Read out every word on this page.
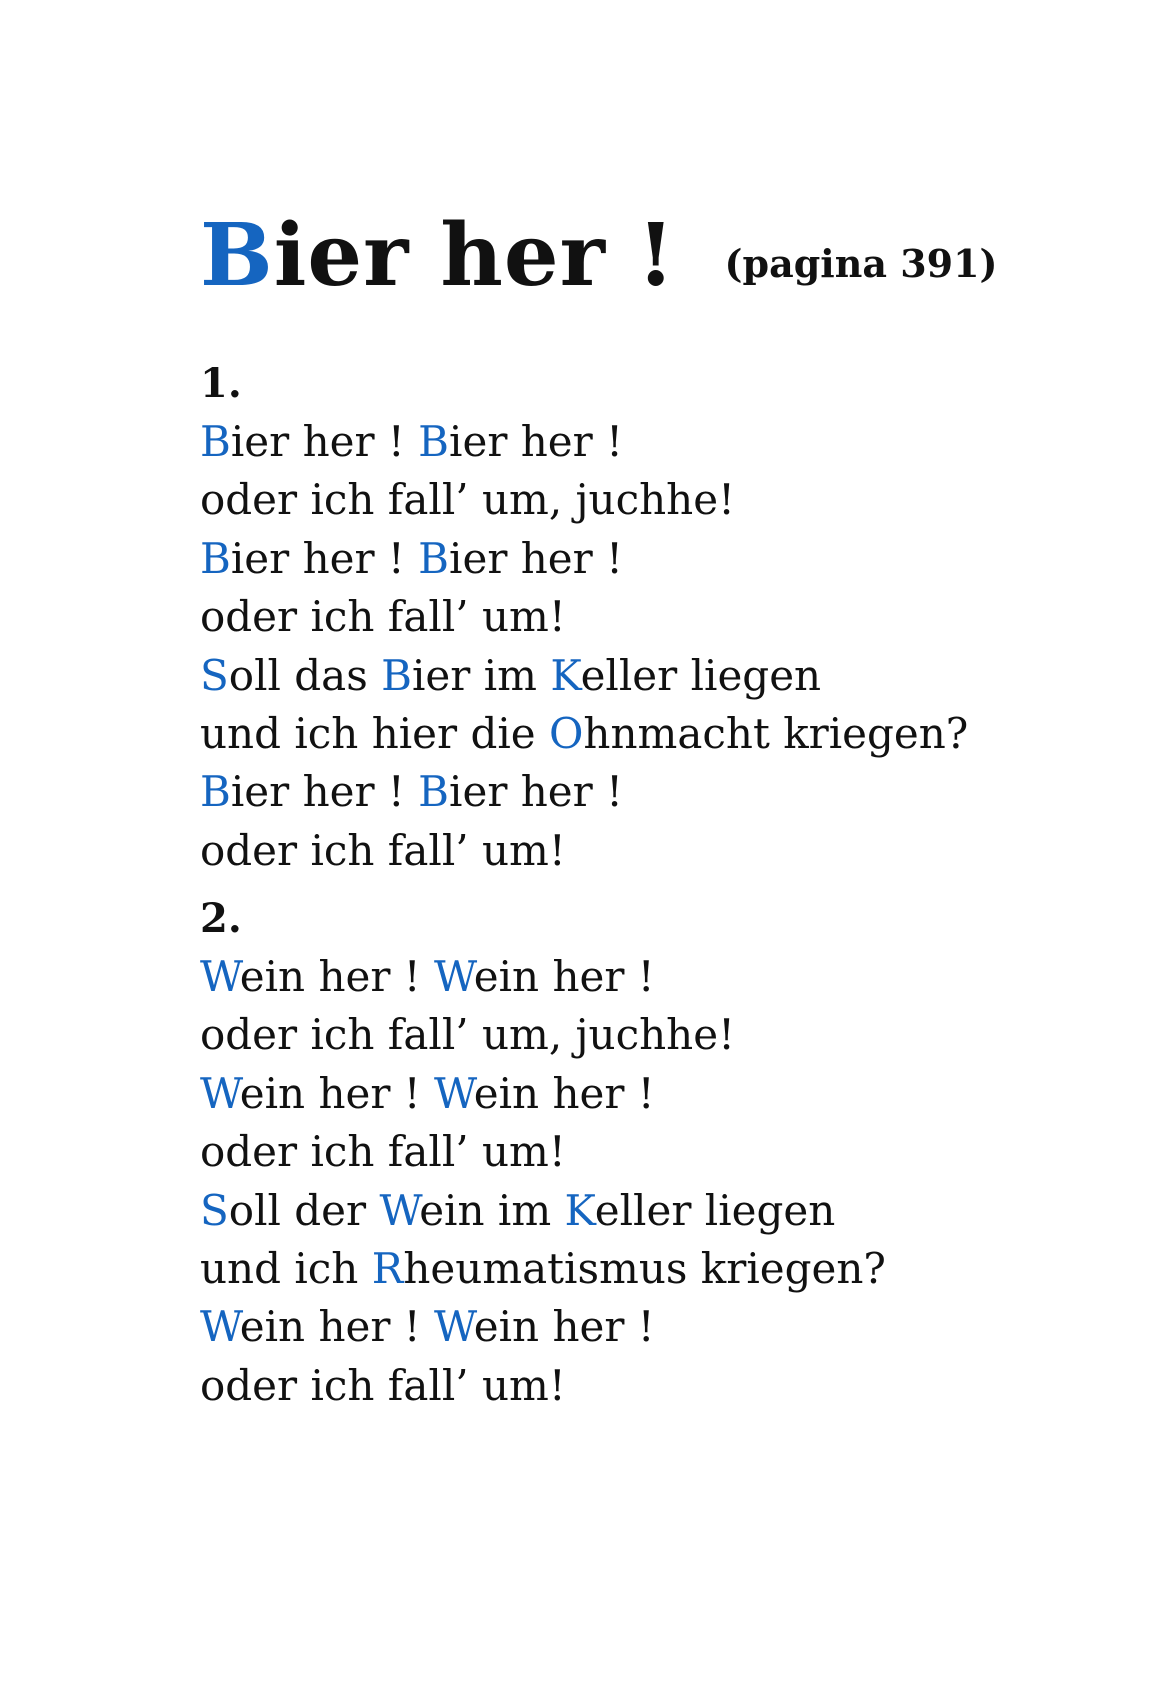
Bier her ! (pagina 391)
1.
Bier her ! Bier her !
oder ich fall’ um, juchhe!
Bier her ! Bier her !
oder ich fall’ um!
Soll das Bier im Keller liegen
und ich hier die Ohnmacht kriegen?
Bier her ! Bier her !
oder ich fall’ um!
2.
Wein her ! Wein her !
oder ich fall’ um, juchhe!
Wein her ! Wein her !
oder ich fall’ um!
Soll der Wein im Keller liegen
und ich Rheumatismus kriegen?
Wein her ! Wein her !
oder ich fall’ um!
